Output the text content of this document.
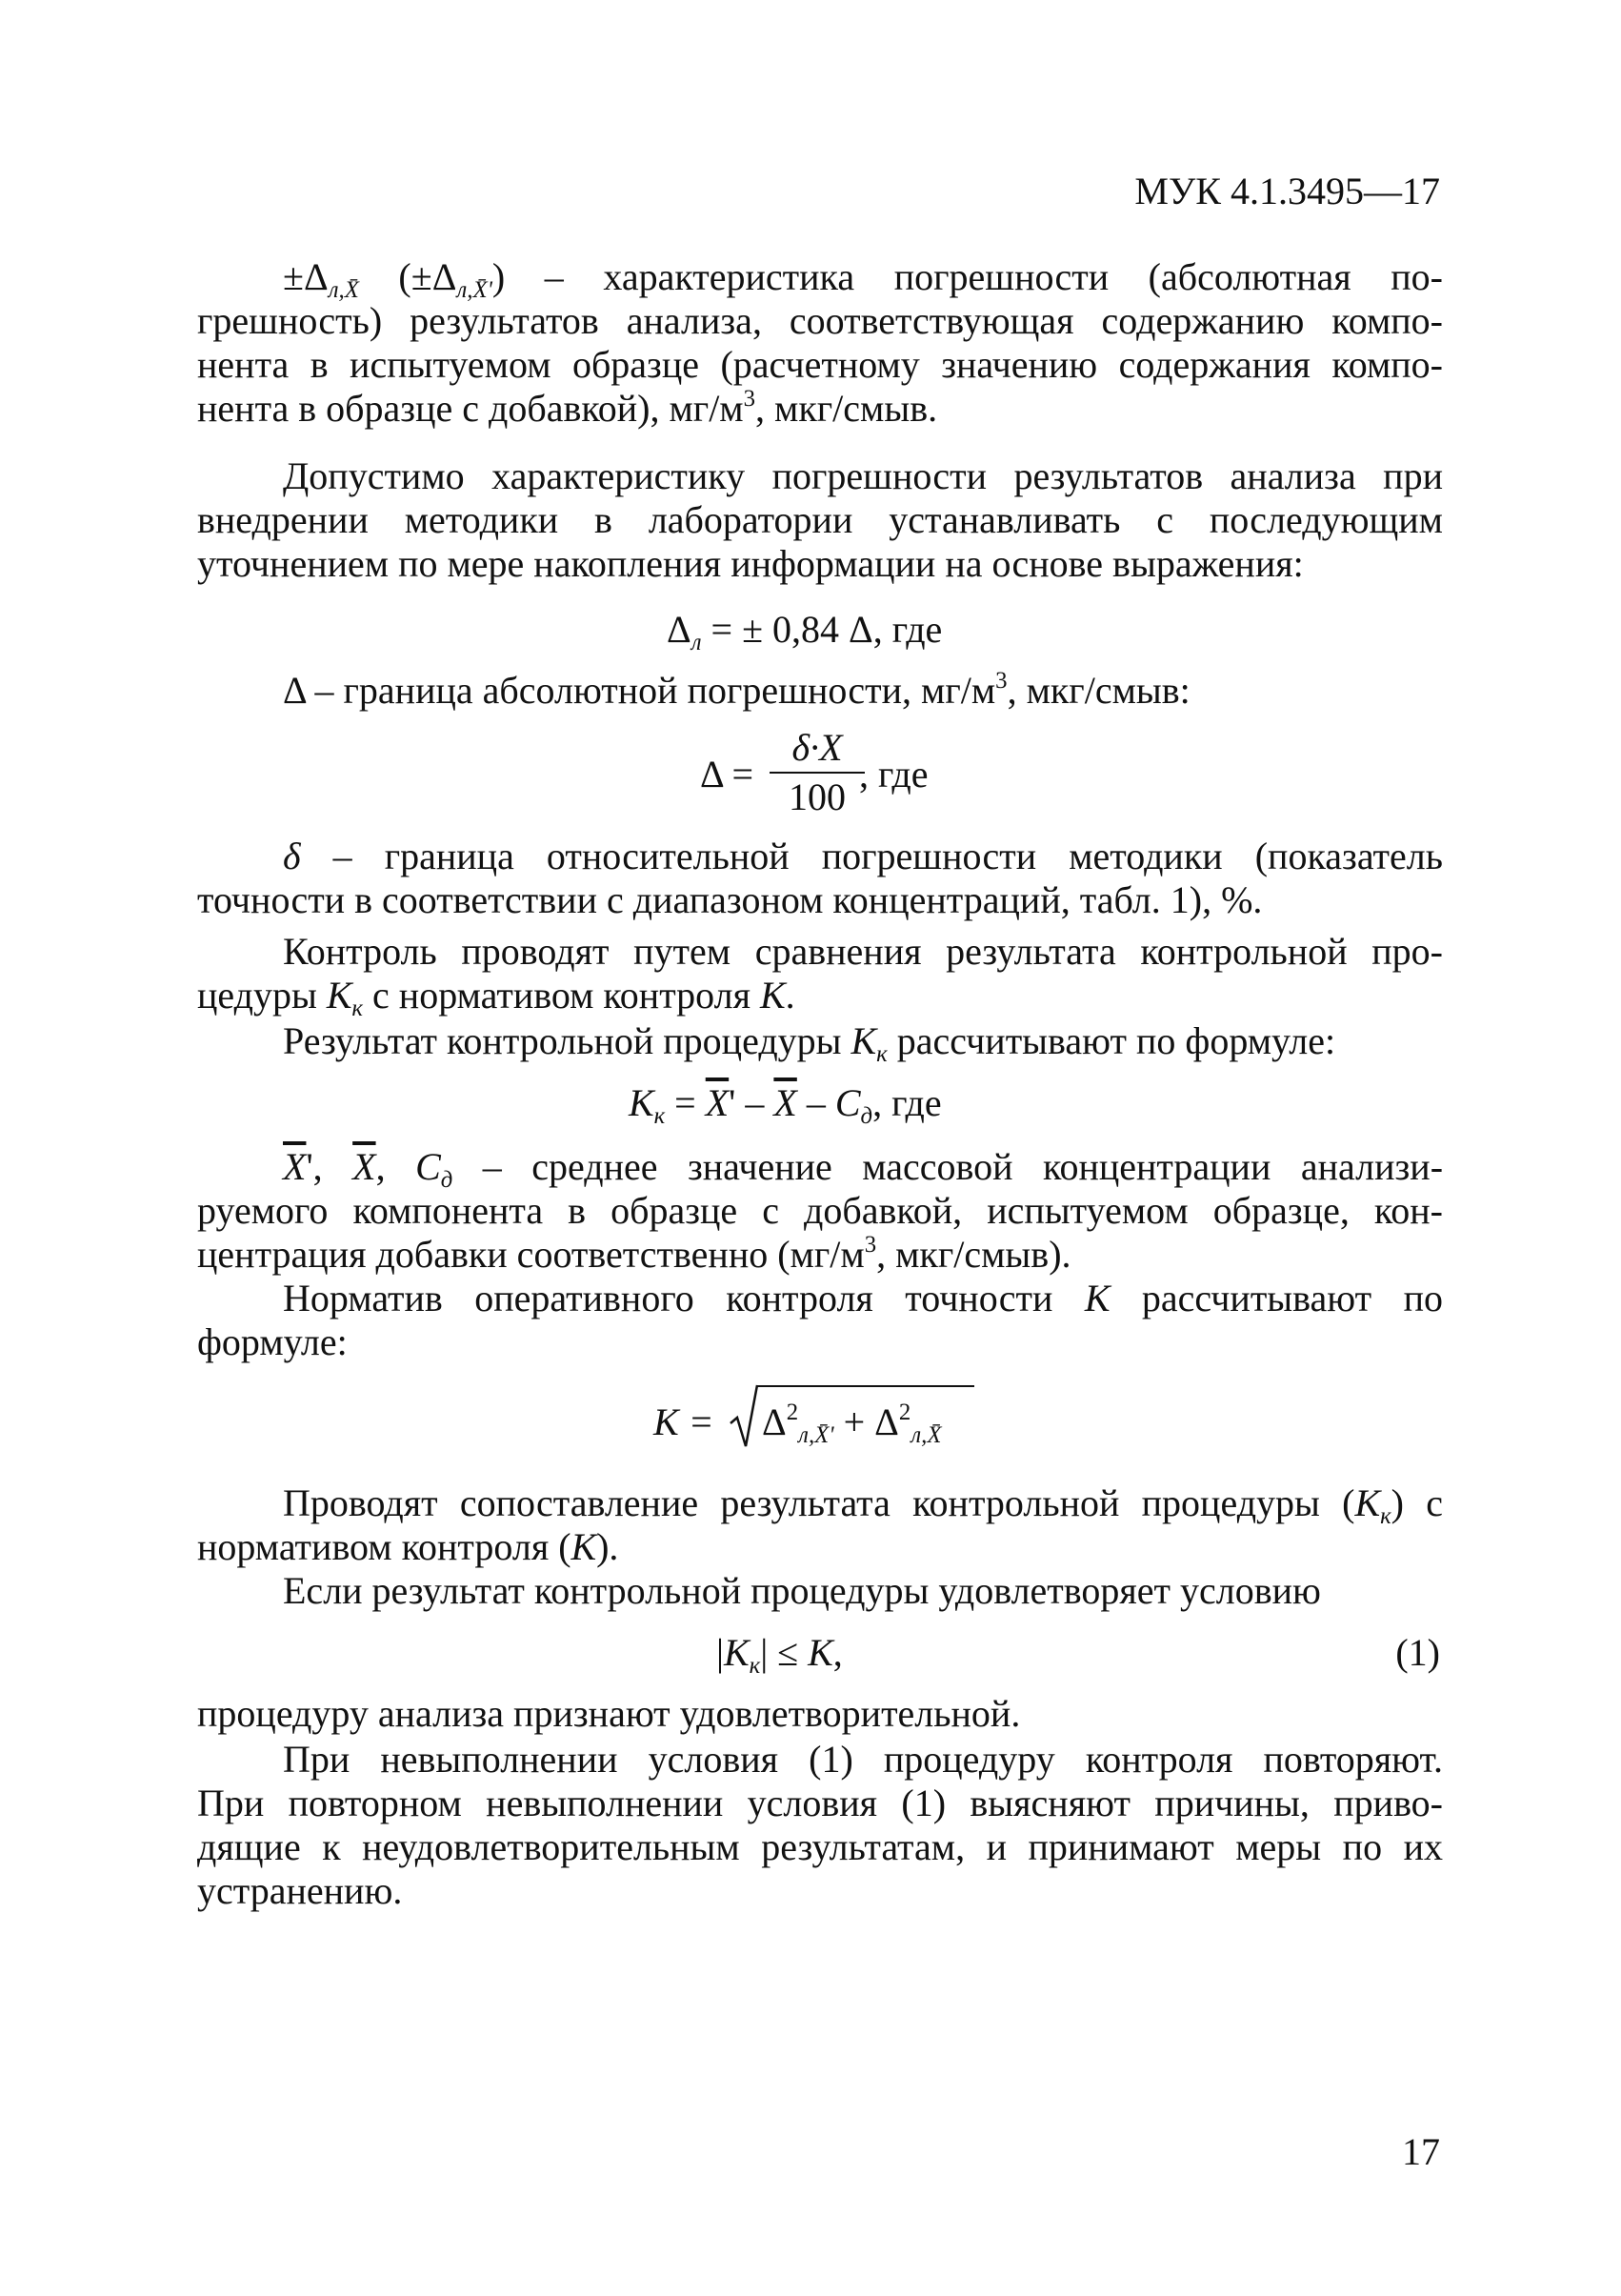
МУК 4.1.3495—17
$\pm\Delta_{л,X̄}$ $(\pm\Delta_{л,X̄'})$ – характеристика погрешности (абсолютная по-
грешность) результатов анализа, соответствующая содержанию компо-
нента в испытуемом образце (расчетному значению содержания компо-
нента в образце с добавкой), $мг/м^3$, мкг/смыв.
Допустимо характеристику погрешности результатов анализа при
внедрении методики в лаборатории устанавливать с последующим
уточнением по мере накопления информации на основе выражения:
$\Delta_л$ = ± 0,84 Δ, где
Δ – граница абсолютной погрешности, $мг/м^3$, мкг/смыв:
$\Delta = \frac{\delta\cdot X}{100}$
, где
δ – граница относительной погрешности методики (показатель
точности в соответствии с диапазоном концентраций, табл. 1), %.
Контроль проводят путем сравнения результата контрольной про-
цедуры $К_к$ с нормативом контроля К.
Результат контрольной процедуры $К_к$ рассчитывают по формуле:
$К_к = \overline{X}' - \overline{X} - С_д$, где
$\overline{X}'$, $\overline{X}$, $С_д$ – среднее значение массовой концентрации анализи-
руемого компонента в образце с добавкой, испытуемом образце, кон-
центрация добавки соответственно ($мг/м^3$, мкг/смыв).
Норматив оперативного контроля точности К рассчитывают по
формуле:
$К = \Delta^2_{л,X̄'} + \Delta^2_{л,X̄}$
Проводят сопоставление результата контрольной процедуры $(К_к)$ с
нормативом контроля (К).
Если результат контрольной процедуры удовлетворяет условию
$|К_к| \le К$,	(1)
процедуру анализа признают удовлетворительной.
При невыполнении условия (1) процедуру контроля повторяют.
При повторном невыполнении условия (1) выясняют причины, приво-
дящие к неудовлетворительным результатам, и принимают меры по их
устранению.
17
